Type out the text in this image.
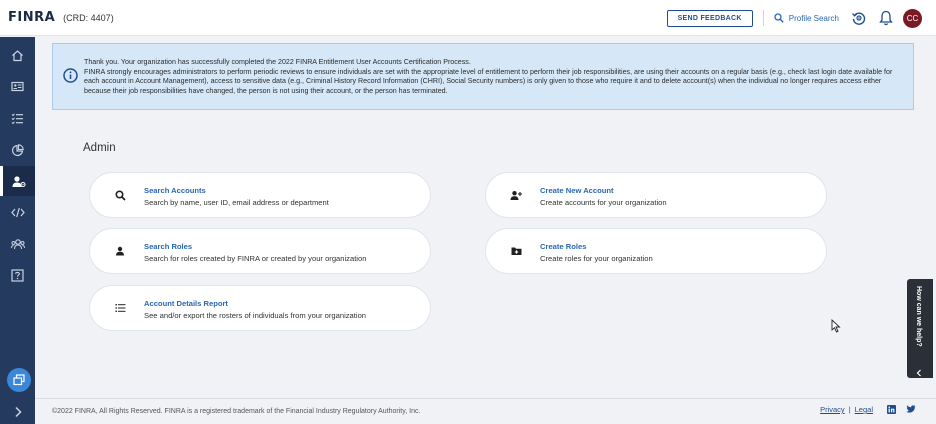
FINRA (CRD: 4407)	SEND FEEDBACK	Profile Search	CC
Thank you. Your organization has successfully completed the 2022 FINRA Entitlement User Accounts Certification Process.
FINRA strongly encourages administrators to perform periodic reviews to ensure individuals are set with the appropriate level of entitlement to perform their job responsibilities, are using their accounts on a regular basis (e.g., check last login date available for each account in Account Management), access to sensitive data (e.g., Criminal History Record Information (CHRI), Social Security numbers) is only given to those who require it and to delete account(s) when the individual no longer requires access either because their job responsibilities have changed, the person is not using their account, or the person has terminated.
Admin
Search Accounts
Search by name, user ID, email address or department
Create New Account
Create accounts for your organization
Search Roles
Search for roles created by FINRA or created by your organization
Create Roles
Create roles for your organization
Account Details Report
See and/or export the rosters of individuals from your organization	How can we help?
©2022 FINRA, All Rights Reserved. FINRA is a registered trademark of the Financial Industry Regulatory Authority, Inc.	Privacy | Legal
